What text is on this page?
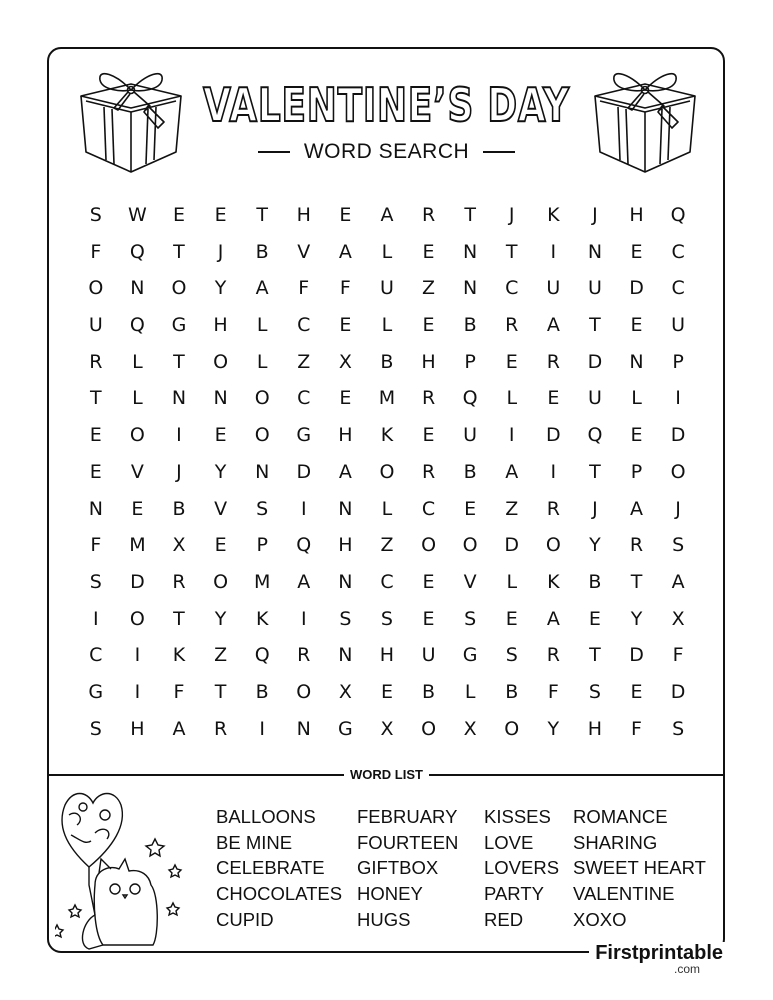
VALENTINE’S DAY
WORD SEARCH
S	W	E	E	T	H	E	A	R	T	J	K	J	H	Q
F	Q	T	J	B	V	A	L	E	N	T	I	N	E	C
O	N	O	Y	A	F	F	U	Z	N	C	U	U	D	C
U	Q	G	H	L	C	E	L	E	B	R	A	T	E	U
R	L	T	O	L	Z	X	B	H	P	E	R	D	N	P
T	L	N	N	O	C	E	M	R	Q	L	E	U	L	I
E	O	I	E	O	G	H	K	E	U	I	D	Q	E	D
E	V	J	Y	N	D	A	O	R	B	A	I	T	P	O
N	E	B	V	S	I	N	L	C	E	Z	R	J	A	J
F	M	X	E	P	Q	H	Z	O	O	D	O	Y	R	S
S	D	R	O	M	A	N	C	E	V	L	K	B	T	A
I	O	T	Y	K	I	S	S	E	S	E	A	E	Y	X
C	I	K	Z	Q	R	N	H	U	G	S	R	T	D	F
G	I	F	T	B	O	X	E	B	L	B	F	S	E	D
S	H	A	R	I	N	G	X	O	X	O	Y	H	F	S
WORD LIST
BALLOONS
BE MINE
CELEBRATE
CHOCOLATES
CUPID
FEBRUARY
FOURTEEN
GIFTBOX
HONEY
HUGS
KISSES
LOVE
LOVERS
PARTY
RED
ROMANCE
SHARING
SWEET HEART
VALENTINE
XOXO
Firstprintable
.com
